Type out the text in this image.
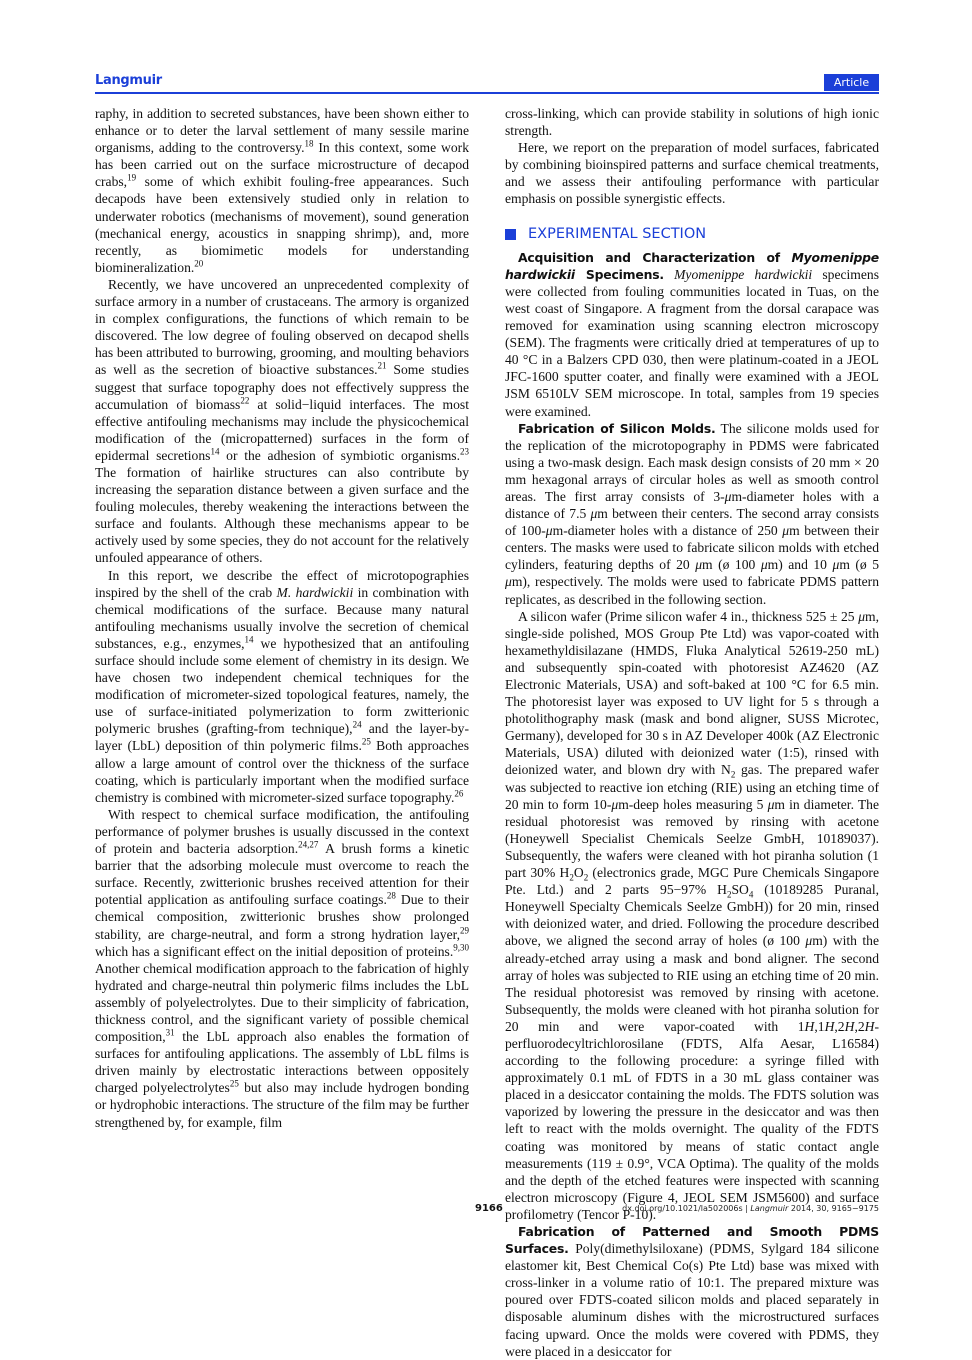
Langmuir	Article

raphy, in addition to secreted substances, have been shown either to enhance or to deter the larval settlement of many sessile marine organisms, adding to the controversy.$^{18}$ In this context, some work has been carried out on the surface microstructure of decapod crabs,$^{19}$ some of which exhibit fouling-free appearances. Such decapods have been extensively studied only in relation to underwater robotics (mechanisms of movement), sound generation (mechanical energy, acoustics in snapping shrimp), and, more recently, as biomimetic models for understanding biomineralization.$^{20}$

Recently, we have uncovered an unprecedented complexity of surface armory in a number of crustaceans. The armory is organized in complex configurations, the functions of which remain to be discovered. The low degree of fouling observed on decapod shells has been attributed to burrowing, grooming, and moulting behaviors as well as the secretion of bioactive substances.$^{21}$ Some studies suggest that surface topography does not effectively suppress the accumulation of biomass$^{22}$ at solid−liquid interfaces. The most effective antifouling mechanisms may include the physicochemical modification of the (micropatterned) surfaces in the form of epidermal secretions$^{14}$ or the adhesion of symbiotic organisms.$^{23}$ The formation of hairlike structures can also contribute by increasing the separation distance between a given surface and the fouling molecules, thereby weakening the interactions between the surface and foulants. Although these mechanisms appear to be actively used by some species, they do not account for the relatively unfouled appearance of others.

In this report, we describe the effect of microtopographies inspired by the shell of the crab M. hardwickii in combination with chemical modifications of the surface. Because many natural antifouling mechanisms usually involve the secretion of chemical substances, e.g., enzymes,$^{14}$ we hypothesized that an antifouling surface should include some element of chemistry in its design. We have chosen two independent chemical techniques for the modification of micrometer-sized topological features, namely, the use of surface-initiated polymerization to form zwitterionic polymeric brushes (grafting-from technique),$^{24}$ and the layer-by-layer (LbL) deposition of thin polymeric films.$^{25}$ Both approaches allow a large amount of control over the thickness of the surface coating, which is particularly important when the modified surface chemistry is combined with micrometer-sized surface topography.$^{26}$

With respect to chemical surface modification, the antifouling performance of polymer brushes is usually discussed in the context of protein and bacteria adsorption.$^{24,27}$ A brush forms a kinetic barrier that the adsorbing molecule must overcome to reach the surface. Recently, zwitterionic brushes received attention for their potential application as antifouling surface coatings.$^{28}$ Due to their chemical composition, zwitterionic brushes show prolonged stability, are charge-neutral, and form a strong hydration layer,$^{29}$ which has a significant effect on the initial deposition of proteins.$^{9,30}$ Another chemical modification approach to the fabrication of highly hydrated and charge-neutral thin polymeric films includes the LbL assembly of polyelectrolytes. Due to their simplicity of fabrication, thickness control, and the significant variety of possible chemical composition,$^{31}$ the LbL approach also enables the formation of surfaces for antifouling applications. The assembly of LbL films is driven mainly by electrostatic interactions between oppositely charged polyelectrolytes$^{25}$ but also may include hydrogen bonding or hydrophobic interactions. The structure of the film may be further strengthened by, for example, film

cross-linking, which can provide stability in solutions of high ionic strength.

Here, we report on the preparation of model surfaces, fabricated by combining bioinspired patterns and surface chemical treatments, and we assess their antifouling performance with particular emphasis on possible synergistic effects.

EXPERIMENTAL SECTION

Acquisition and Characterization of Myomenippe hardwickii Specimens. Myomenippe hardwickii specimens were collected from fouling communities located in Tuas, on the west coast of Singapore. A fragment from the dorsal carapace was removed for examination using scanning electron microscopy (SEM). The fragments were critically dried at temperatures of up to 40 °C in a Balzers CPD 030, then were platinum-coated in a JEOL JFC-1600 sputter coater, and finally were examined with a JEOL JSM 6510LV SEM microscope. In total, samples from 19 species were examined.

Fabrication of Silicon Molds. The silicone molds used for the replication of the microtopography in PDMS were fabricated using a two-mask design. Each mask design consists of 20 mm × 20 mm hexagonal arrays of circular holes as well as smooth control areas. The first array consists of 3-μm-diameter holes with a distance of 7.5 μm between their centers. The second array consists of 100-μm-diameter holes with a distance of 250 μm between their centers. The masks were used to fabricate silicon molds with etched cylinders, featuring depths of 20 μm (ø 100 μm) and 10 μm (ø 5 μm), respectively. The molds were used to fabricate PDMS pattern replicates, as described in the following section.

A silicon wafer (Prime silicon wafer 4 in., thickness 525 ± 25 μm, single-side polished, MOS Group Pte Ltd) was vapor-coated with hexamethyldisilazane (HMDS, Fluka Analytical 52619-250 mL) and subsequently spin-coated with photoresist AZ4620 (AZ Electronic Materials, USA) and soft-baked at 100 °C for 6.5 min. The photoresist layer was exposed to UV light for 5 s through a photolithography mask (mask and bond aligner, SUSS Microtec, Germany), developed for 30 s in AZ Developer 400k (AZ Electronic Materials, USA) diluted with deionized water (1:5), rinsed with deionized water, and blown dry with $N_2$ gas. The prepared wafer was subjected to reactive ion etching (RIE) using an etching time of 20 min to form 10-μm-deep holes measuring 5 μm in diameter. The residual photoresist was removed by rinsing with acetone (Honeywell Specialist Chemicals Seelze GmbH, 10189037). Subsequently, the wafers were cleaned with hot piranha solution (1 part 30% $H_2O_2$ (electronics grade, MGC Pure Chemicals Singapore Pte. Ltd.) and 2 parts 95−97% $H_2SO_4$ (10189285 Puranal, Honeywell Specialty Chemicals Seelze GmbH)) for 20 min, rinsed with deionized water, and dried. Following the procedure described above, we aligned the second array of holes (ø 100 μm) with the already-etched array using a mask and bond aligner. The second array of holes was subjected to RIE using an etching time of 20 min. The residual photoresist was removed by rinsing with acetone. Subsequently, the molds were cleaned with hot piranha solution for 20 min and were vapor-coated with 1H,1H,2H,2H-perfluorodecyltrichlorosilane (FDTS, Alfa Aesar, L16584) according to the following procedure: a syringe filled with approximately 0.1 mL of FDTS in a 30 mL glass container was placed in a desiccator containing the molds. The FDTS solution was vaporized by lowering the pressure in the desiccator and was then left to react with the molds overnight. The quality of the FDTS coating was monitored by means of static contact angle measurements (119 ± 0.9°, VCA Optima). The quality of the molds and the depth of the etched features were inspected with scanning electron microscopy (Figure 4, JEOL SEM JSM5600) and surface profilometry (Tencor P-10).

Fabrication of Patterned and Smooth PDMS Surfaces. Poly(dimethylsiloxane) (PDMS, Sylgard 184 silicone elastomer kit, Best Chemical Co(s) Pte Ltd) base was mixed with cross-linker in a volume ratio of 10:1. The prepared mixture was poured over FDTS-coated silicon molds and placed separately in disposable aluminum dishes with the microstructured surfaces facing upward. Once the molds were covered with PDMS, they were placed in a desiccator for

9166	dx.doi.org/10.1021/la502006s | Langmuir 2014, 30, 9165−9175
